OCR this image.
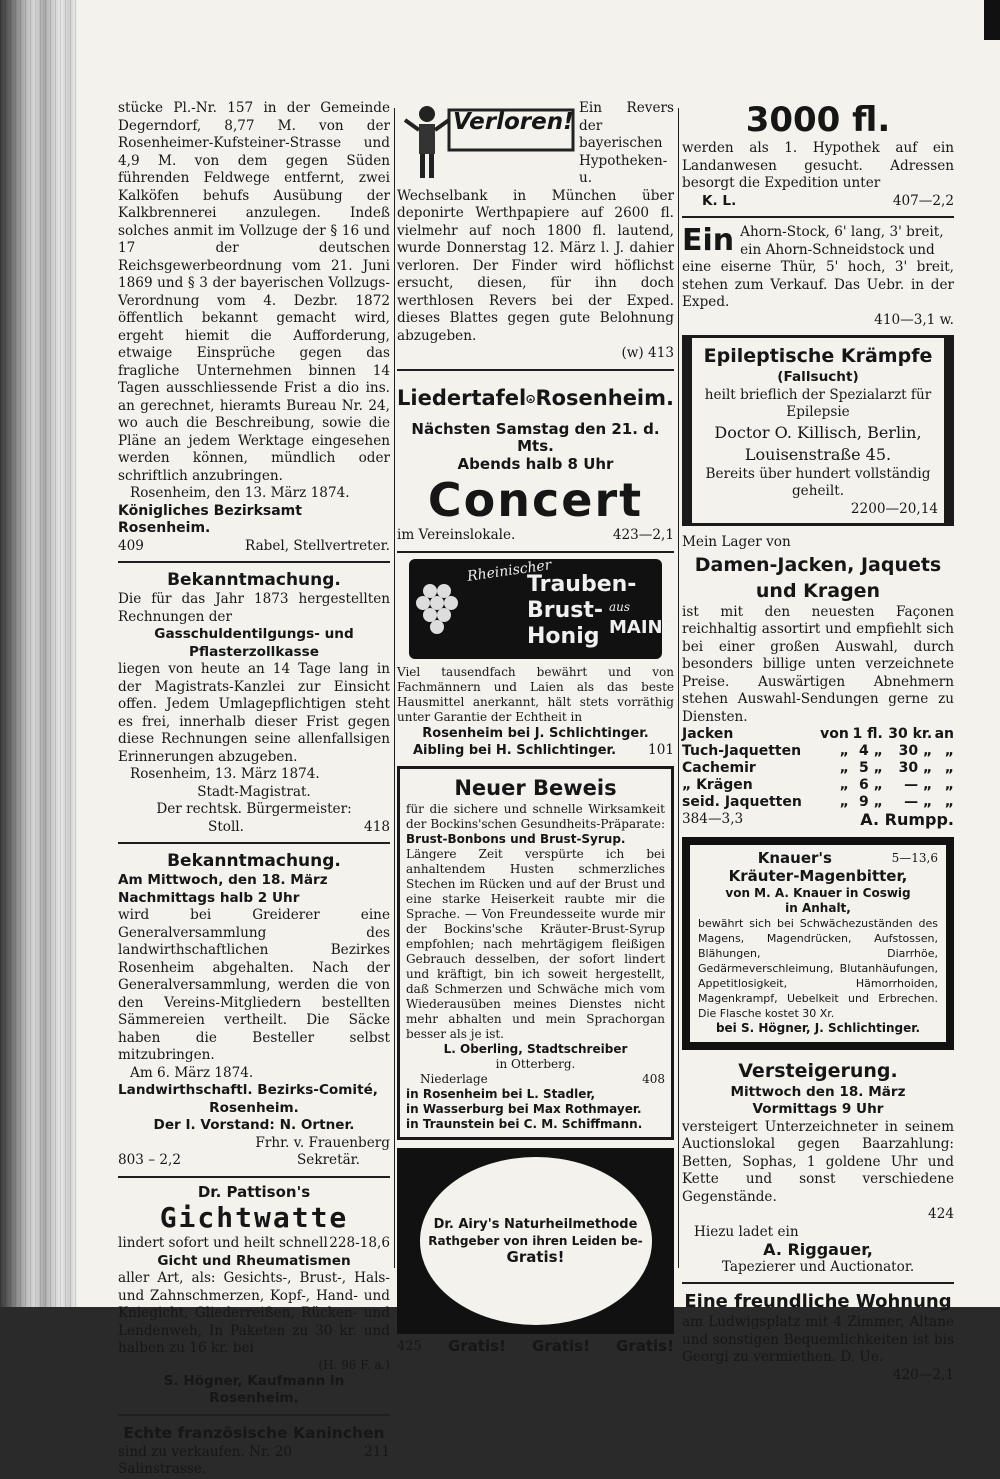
stücke Pl.-Nr. 157 in der Gemeinde Degerndorf, 8,77 M. von der Rosenheimer-Kufsteiner-Strasse und 4,9 M. von dem gegen Süden führenden Feldwege entfernt, zwei Kalköfen behufs Ausübung der Kalkbrennerei anzulegen. Indeß solches anmit im Vollzuge der § 16 und 17 der deutschen Reichsgewerbeordnung vom 21. Juni 1869 und § 3 der bayerischen Vollzugs-Verordnung vom 4. Dezbr. 1872 öffentlich bekannt gemacht wird, ergeht hiemit die Aufforderung, etwaige Einsprüche gegen das fragliche Unternehmen binnen 14 Tagen ausschliessende Frist a dio ins. an gerechnet, hieramts Bureau Nr. 24, wo auch die Beschreibung, sowie die Pläne an jedem Werktage eingesehen werden können, mündlich oder schriftlich anzubringen.

Rosenheim, den 13. März 1874.
Königliches Bezirksamt Rosenheim.
409	Rabel, Stellvertreter.
Bekanntmachung.

Die für das Jahr 1873 hergestellten Rechnungen der

Gasschuldentilgungs- und
Pflasterzollkasse

liegen von heute an 14 Tage lang in der Magistrats-Kanzlei zur Einsicht offen. Jedem Umlagepflichtigen steht es frei, innerhalb dieser Frist gegen diese Rechnungen seine allenfallsigen Erinnerungen abzugeben.

Rosenheim, 13. März 1874.
Stadt-Magistrat.
Der rechtsk. Bürgermeister:
Stoll.	418
Bekanntmachung.
Am Mittwoch, den 18. März
Nachmittags halb 2 Uhr

wird bei Greiderer eine Generalversammlung des landwirthschaftlichen Bezirkes Rosenheim abgehalten. Nach der Generalversammlung, werden die von den Vereins-Mitgliedern bestellten Sämmereien vertheilt. Die Säcke haben die Besteller selbst mitzubringen.

Am 6. März 1874.
Landwirthschaftl. Bezirks-Comité,
Rosenheim.
Der I. Vorstand: N. Ortner.
Frhr. v. Frauenberg
803 – 2,2	Sekretär.
Dr. Pattison's
Gichtwatte
lindert sofort und heilt schnell 228-18,6
Gicht und Rheumatismen

aller Art, als: Gesichts-, Brust-, Hals- und Zahnschmerzen, Kopf-, Hand- und Kniegicht, Gliederreißen, Rücken- und Lendenweh, In Paketen zu 30 kr. und halben zu 16 kr. bei

(H. 96 F. a.)
S. Högner, Kaufmann in Rosenheim.
Echte französische Kaninchen
sind zu verkaufen. Nr. 20 Salinstrasse.
211
Verloren!

Ein Revers der bayerischen Hypotheken- u. Wechselbank in München über deponirte Werthpapiere auf 2600 fl. vielmehr auf noch 1800 fl. lautend, wurde Donnerstag 12. März l. J. dahier verloren. Der Finder wird höflichst ersucht, diesen, für ihn doch werthlosen Revers bei der Exped. dieses Blattes gegen gute Belohnung abzugeben.

(w) 413
Liedertafel Rosenheim.
Nächsten Samstag den 21. d. Mts.
Abends halb 8 Uhr
Concert
im Vereinslokale.	423—2,1
Rheinischer
Trauben-
Brust-
Honig
aus
MAINZ

Viel tausendfach bewährt und von Fachmännern und Laien als das beste Hausmittel anerkannt, hält stets vorräthig unter Garantie der Echtheit in

Rosenheim bei J. Schlichtinger.
Aibling bei H. Schlichtinger. 101
Neuer Beweis

für die sichere und schnelle Wirksamkeit der Bockins'schen Gesundheits-Präparate:

Brust-Bonbons und Brust-Syrup.

Längere Zeit verspürte ich bei anhaltendem Husten schmerzliches Stechen im Rücken und auf der Brust und eine starke Heiserkeit raubte mir die Sprache. — Von Freundesseite wurde mir der Bockins'sche Kräuter-Brust-Syrup empfohlen; nach mehrtägigem fleißigen Gebrauch desselben, der sofort lindert und kräftigt, bin ich soweit hergestellt, daß Schmerzen und Schwäche mich vom Wiederausüben meines Dienstes nicht mehr abhalten und mein Sprachorgan besser als je ist.

L. Oberling, Stadtschreiber
in Otterberg.
Niederlage	408
in Rosenheim bei L. Stadler,
in Wasserburg bei Max Rothmayer.
in Traunstein bei C. M. Schiffmann.
Dr. Airy's Naturheilmethode
Rathgeber von ihren Leiden be-
Gratis!
425 Gratis! Gratis! Gratis!
3000 fl.

werden als 1. Hypothek auf ein Landanwesen gesucht. Adressen besorgt die Expedition unter

K. L.	407—2,2
Ein Ahorn-Stock, 6' lang, 3' breit,
ein Ahorn-Schneidstock und

eine eiserne Thür, 5' hoch, 3' breit, stehen zum Verkauf. Das Uebr. in der Exped.

410—3,1 w.
Epileptische Krämpfe
(Fallsucht)

heilt brieflich der Spezialarzt für Epilepsie

Doctor O. Killisch, Berlin,
Louisenstraße 45.
Bereits über hundert vollständig geheilt.
2200—20,14
Mein Lager von
Damen-Jacken, Jaquets
und Kragen

ist mit den neuesten Façonen reichhaltig assortirt und empfiehlt sich bei einer großen Auswahl, durch besonders billige unten verzeichnete Preise. Auswärtigen Abnehmern stehen Auswahl-Sendungen gerne zu Diensten.

Jacken	von	1 fl.	30 kr.	an
Tuch-Jaquetten	„	4 „	30 „	„
Cachemir	„	5 „	30 „	„
„ Krägen	„	6 „	— „	„
seid. Jaquetten	„	9 „	— „	„
384—3,3	A. Rumpp.
Knauer's	5—13,6
Kräuter-Magenbitter,
von M. A. Knauer in Coswig
in Anhalt,

bewährt sich bei Schwächezuständen des Magens, Magendrücken, Aufstossen, Blähungen, Diarrhöe, Gedärmeverschleimung, Blutanhäufungen, Appetitlosigkeit, Hämorrhoiden, Magenkrampf, Uebelkeit und Erbrechen. Die Flasche kostet 30 Xr.

bei S. Högner, J. Schlichtinger.
Versteigerung.
Mittwoch den 18. März
Vormittags 9 Uhr

versteigert Unterzeichneter in seinem Auctionslokal gegen Baarzahlung: Betten, Sophas, 1 goldene Uhr und Kette und sonst verschiedene Gegenstände.

424
Hiezu ladet ein
A. Riggauer,
Tapezierer und Auctionator.
Eine freundliche Wohnung

am Ludwigsplatz mit 4 Zimmer, Altane und sonstigen Bequemlichkeiten ist bis Georgi zu vermiethen. D. Ue.

420—2,1
